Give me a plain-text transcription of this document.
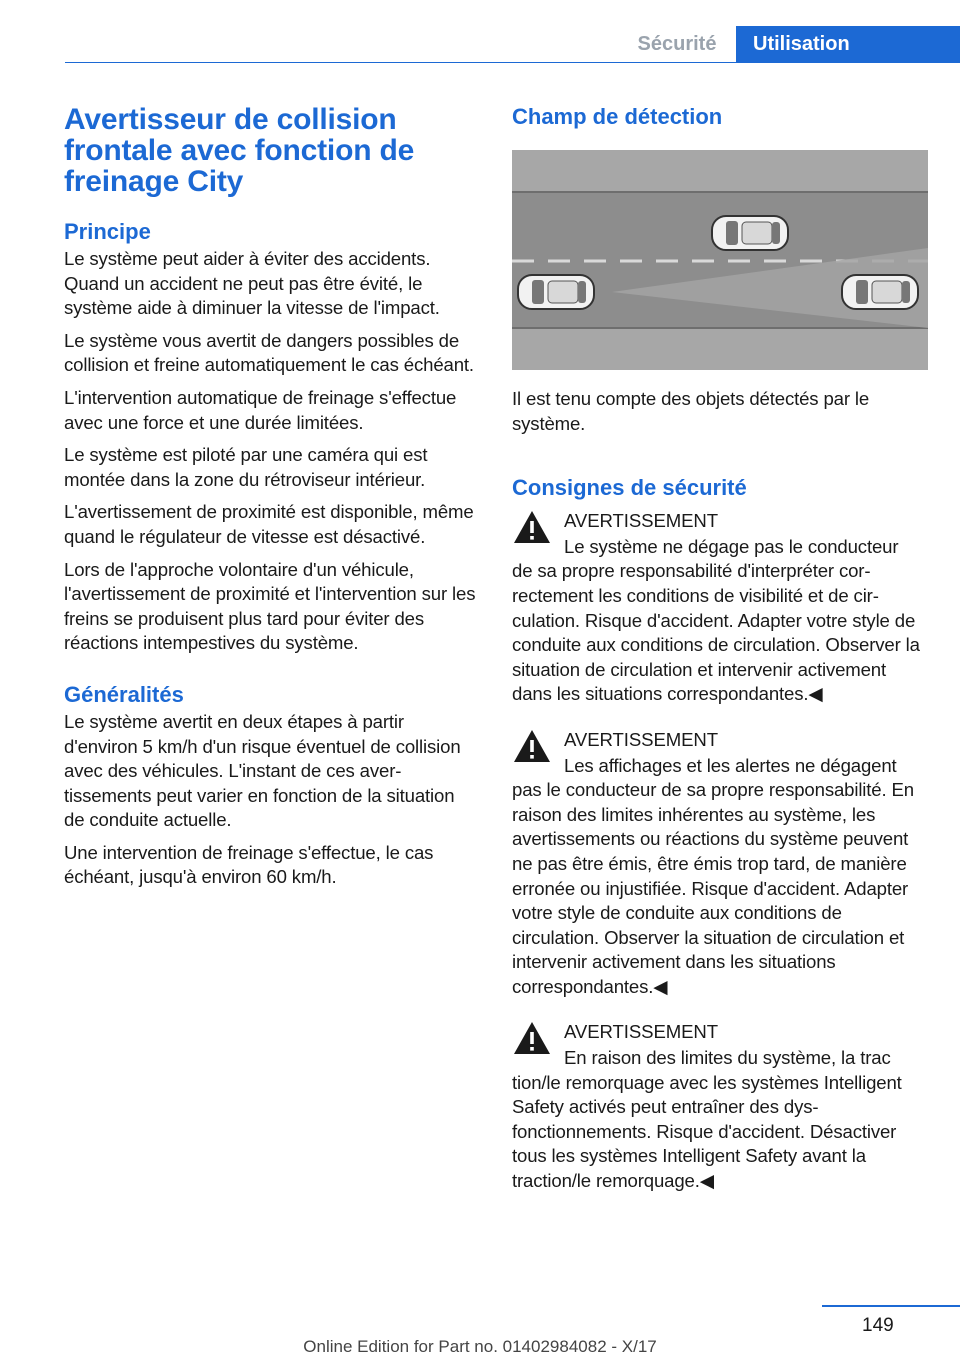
Sécurité	Utilisation
Avertisseur de collision frontale avec fonction de freinage City
Principe

Le système peut aider à éviter des accidents. Quand un accident ne peut pas être évité, le système aide à diminuer la vitesse de l'impact.

Le système vous avertit de dangers possibles de collision et freine automatiquement le cas échéant.

L'intervention automatique de freinage s'effectue avec une force et une durée limitées.

Le système est piloté par une caméra qui est montée dans la zone du rétroviseur intérieur.

L'avertissement de proximité est disponible, même quand le régulateur de vitesse est désactivé.

Lors de l'approche volontaire d'un véhicule, l'avertissement de proximité et l'intervention sur les freins se produisent plus tard pour éviter des réactions intempestives du système.

Généralités

Le système avertit en deux étapes à partir d'environ 5 km/h d'un risque éventuel de collision avec des véhicules. L'instant de ces avertissements peut varier en fonction de la situation de conduite actuelle.

Une intervention de freinage s'effectue, le cas échéant, jusqu'à environ 60 km/h.

Champ de détection

Il est tenu compte des objets détectés par le système.

Consignes de sécurité

AVERTISSEMENT

Le système ne dégage pas le conducteur
de sa propre responsabilité d'interpréter correctement les conditions de visibilité et de circulation. Risque d'accident. Adapter votre style de conduite aux conditions de circulation. Observer la situation de circulation et intervenir activement dans les situations correspondantes.◀

AVERTISSEMENT

Les affichages et les alertes ne dégagent
pas le conducteur de sa propre responsabilité. En raison des limites inhérentes au système, les avertissements ou réactions du système peuvent ne pas être émis, être émis trop tard, de manière erronée ou injustifiée. Risque d'accident. Adapter votre style de conduite aux conditions de circulation. Observer la situation de circulation et intervenir activement dans les situations correspondantes.◀

AVERTISSEMENT

En raison des limites du système, la trac
tion/le remorquage avec les systèmes Intelligent Safety activés peut entraîner des dysfonctionnements. Risque d'accident. Désactiver tous les systèmes Intelligent Safety avant la traction/le remorquage.◀

149
Online Edition for Part no. 01402984082 - X/17
